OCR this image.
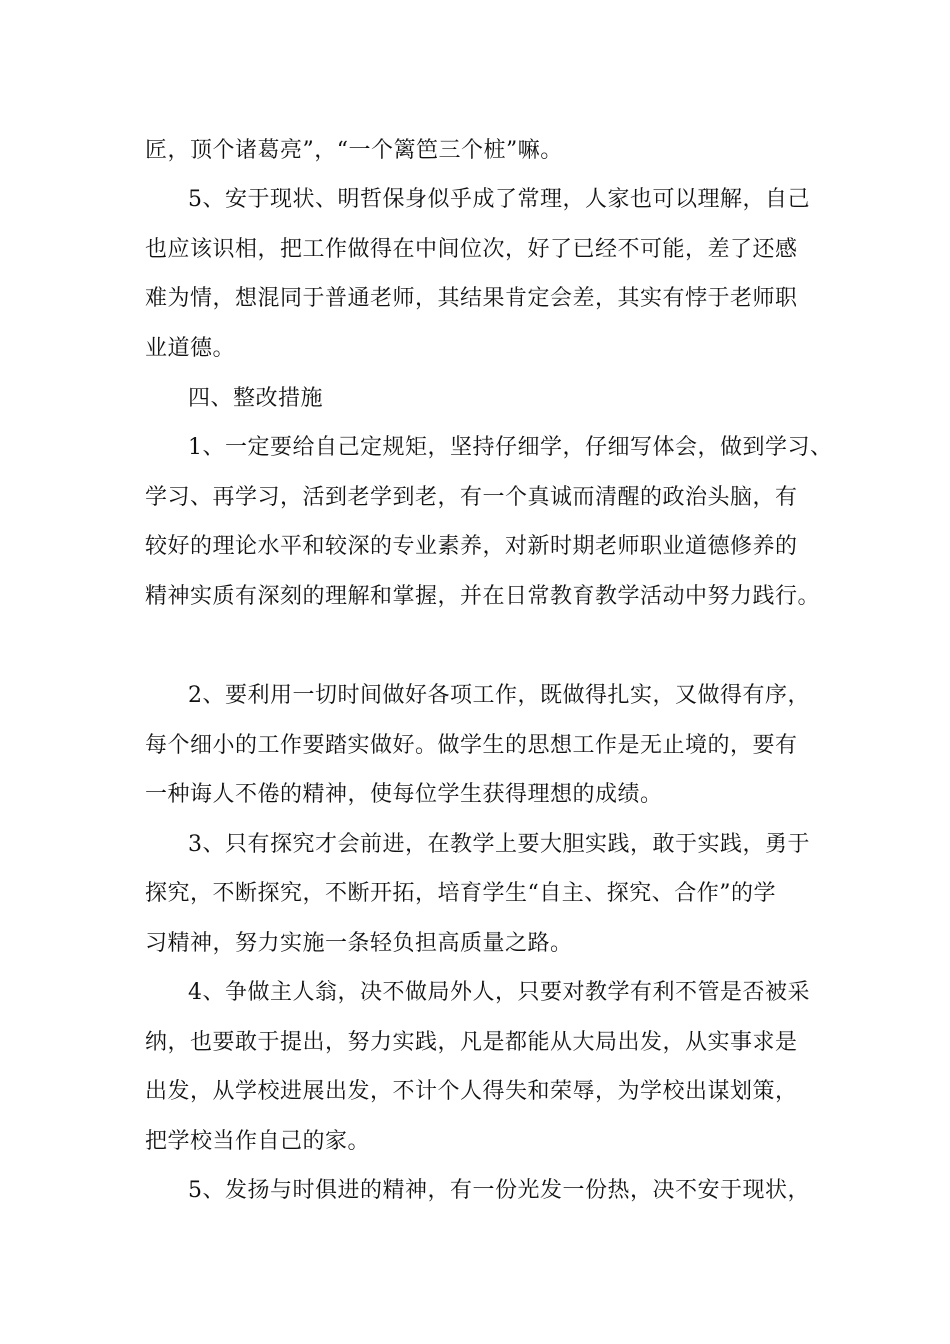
匠，顶个诸葛亮”，“一个篱笆三个桩”嘛。
5、安于现状、明哲保身似乎成了常理，人家也可以理解，自己
也应该识相，把工作做得在中间位次，好了已经不可能，差了还感
难为情，想混同于普通老师，其结果肯定会差，其实有悖于老师职
业道德。
四、整改措施
1、一定要给自己定规矩，坚持仔细学，仔细写体会，做到学习、
学习、再学习，活到老学到老，有一个真诚而清醒的政治头脑，有
较好的理论水平和较深的专业素养，对新时期老师职业道德修养的
精神实质有深刻的理解和掌握，并在日常教育教学活动中努力践行。
2、要利用一切时间做好各项工作，既做得扎实，又做得有序，
每个细小的工作要踏实做好。做学生的思想工作是无止境的，要有
一种诲人不倦的精神，使每位学生获得理想的成绩。
3、只有探究才会前进，在教学上要大胆实践，敢于实践，勇于
探究，不断探究，不断开拓，培育学生“自主、探究、合作”的学
习精神，努力实施一条轻负担高质量之路。
4、争做主人翁，决不做局外人，只要对教学有利不管是否被采
纳，也要敢于提出，努力实践，凡是都能从大局出发，从实事求是
出发，从学校进展出发，不计个人得失和荣辱，为学校出谋划策，
把学校当作自己的家。
5、发扬与时俱进的精神，有一份光发一份热，决不安于现状，
